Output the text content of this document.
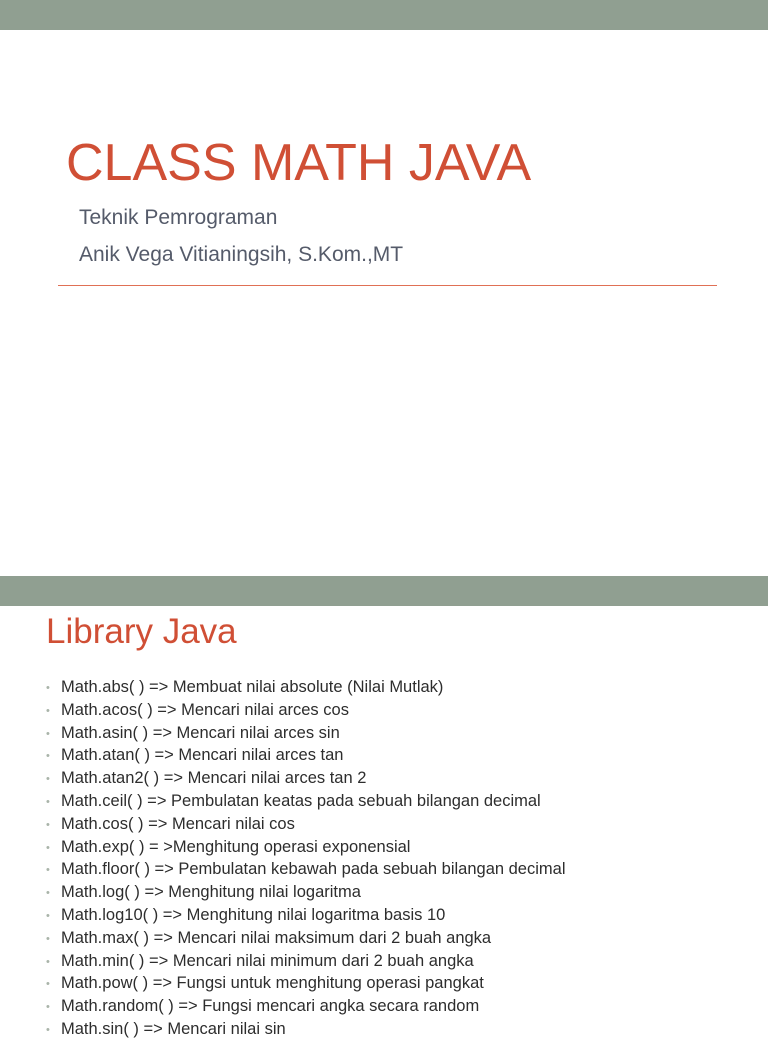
CLASS MATH JAVA
Teknik Pemrograman
Anik Vega Vitianingsih, S.Kom.,MT
Library Java
• Math.abs( ) => Membuat nilai absolute (Nilai Mutlak)
• Math.acos( ) => Mencari nilai arces cos
• Math.asin( ) => Mencari nilai arces sin
• Math.atan( ) => Mencari nilai arces tan
• Math.atan2( ) => Mencari nilai arces tan 2
• Math.ceil( ) => Pembulatan keatas pada sebuah bilangan decimal
• Math.cos( ) => Mencari nilai cos
• Math.exp( ) = >Menghitung operasi exponensial
• Math.floor( ) => Pembulatan kebawah pada sebuah bilangan decimal
• Math.log( ) => Menghitung nilai logaritma
• Math.log10( ) => Menghitung nilai logaritma basis 10
• Math.max( ) => Mencari nilai maksimum dari 2 buah angka
• Math.min( ) => Mencari nilai minimum dari 2 buah angka
• Math.pow( ) => Fungsi untuk menghitung operasi pangkat
• Math.random( ) => Fungsi mencari angka secara random
• Math.sin( ) => Mencari nilai sin
